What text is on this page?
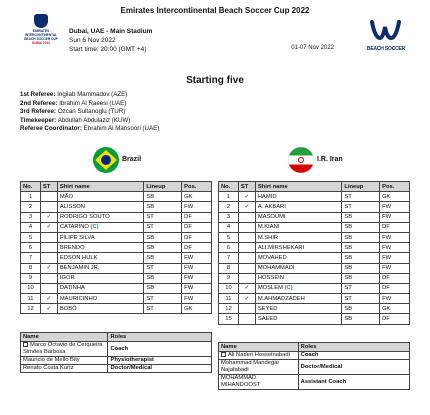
Emirates Intercontinental Beach Soccer Cup 2022
EMIRATES
INTERCONTINENTAL
BEACH SOCCER CUP
DUBAI 2022
Dubai, UAE - Main Stadium
Sun 6 Nov 2022
Start time: 20:00 (GMT +4)	01-07 Nov 2022	BEACH SOCCER
Starting five
1st Referee: Ingilab Mammadov (AZE)
2nd Referee: Ibrahim Al Raeesi (UAE)
3rd Referee: Ozcan Sultanoglu (TUR)
Timekeeper: Abdullah Abdulaziz (KUW)
Referee Coordinator: Ebrahim Al Mansoori (UAE)
Brazil	I.R. Iran
No.	ST	Shirt name	Lineup	Pos.
1		MÃO	SB	GK
2		ALISSON	SB	FW
3	✓	RODRIGO SOUTO	ST	DF
4	✓	CATARINO (C)	ST	DF
5		FILIPE SILVA	SB	DF
6		BRENDO	SB	DF
7		EDSON HULK	SB	FW
8	✓	BENJAMIN JR.	ST	FW
9		IGOR	SB	FW
10		DATINHA	SB	FW
11	✓	MAURICINHO	ST	FW
12	✓	BOBÔ	ST	GK
No.	ST	Shirt name	Lineup	Pos.
1	✓	HAMID	ST	GK
2	✓	A. AKBARI	ST	FW
3		MASOUMI	SB	FW
4		M.KIANI	SB	DF
5		M.SHIR	SB	FW
6		ALI.MIRSHEKARI	SB	FW
7		MOVAHED	SB	FW
8		MOHAMMADI	SB	FW
9		HOSSEIN	SB	DF
10	✓	MOSLEM (C)	ST	DF
11	✓	M.AHMADZADEH	ST	FW
12		SEYED	SB	GK
15		SAEED	SB	DF
Name	Roles
Marco Octavio de Cerqueira Simões Barbosa	Coach
Mauricio de Mello Bity	Physiotherapist
Renato Costa Kurtz	Doctor/Medical
Name	Roles
Ali Naderi Hosseinabadi	Coach
Mohammad Mandegar Najafabadi	Doctor/Medical
MOHAMMAD MIHANDOOST	Assistant Coach
